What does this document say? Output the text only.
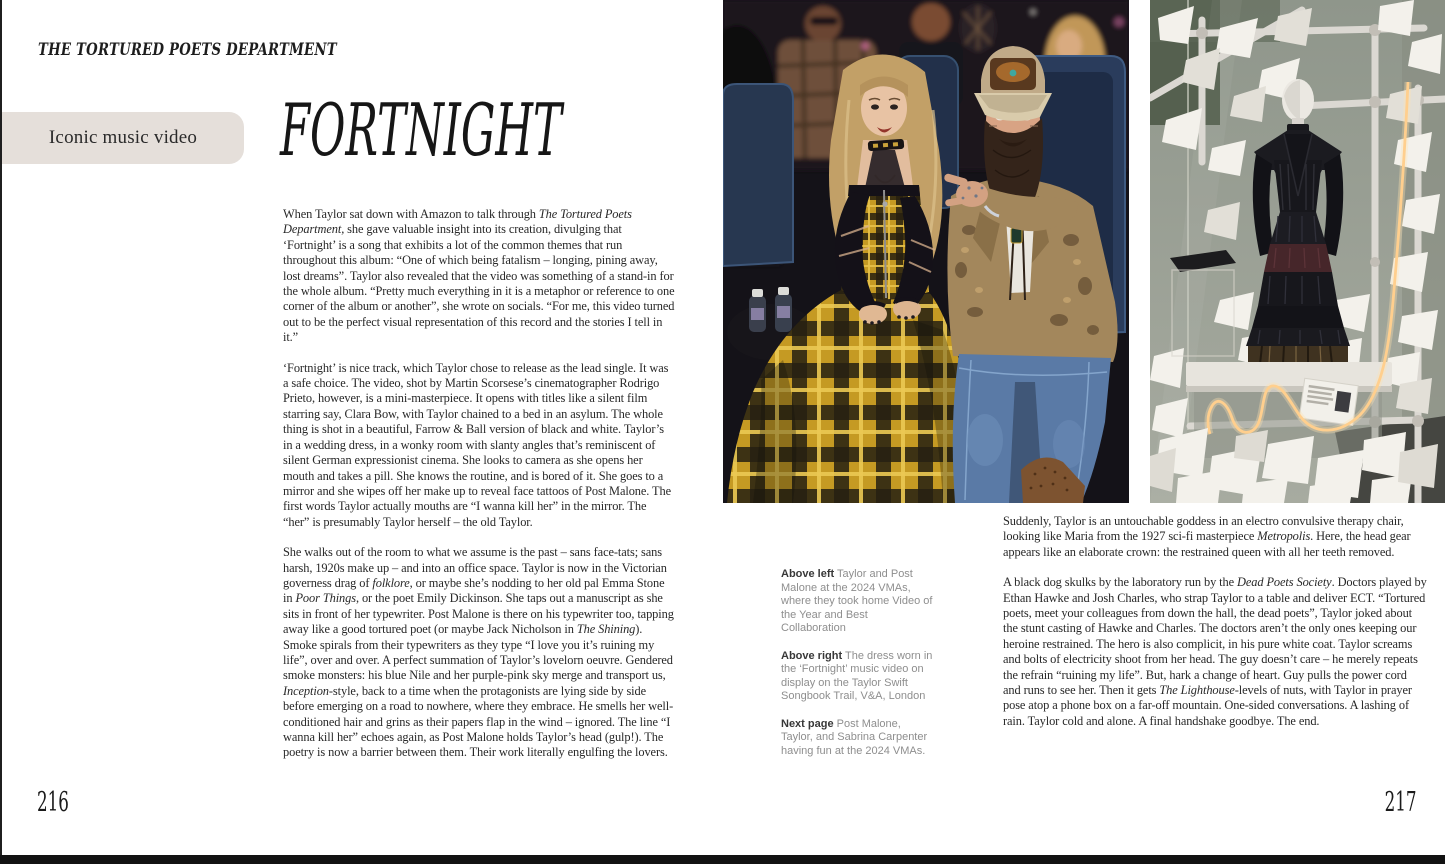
THE TORTURED POETS DEPARTMENT
Iconic music video FORTNIGHT

When Taylor sat down with Amazon to talk through The Tortured Poets Department, she gave valuable insight into its creation, divulging that ‘Fortnight’ is a song that exhibits a lot of the common themes that run throughout this album: “One of which being fatalism – longing, pining away, lost dreams”. Taylor also revealed that the video was something of a stand-in for the whole album. “Pretty much everything in it is a metaphor or reference to one corner of the album or another”, she wrote on socials. “For me, this video turned out to be the perfect visual representation of this record and the stories I tell in it.”

‘Fortnight’ is nice track, which Taylor chose to release as the lead single. It was a safe choice. The video, shot by Martin Scorsese’s cinematographer Rodrigo Prieto, however, is a mini-masterpiece. It opens with titles like a silent film starring say, Clara Bow, with Taylor chained to a bed in an asylum. The whole thing is shot in a beautiful, Farrow & Ball version of black and white. Taylor’s in a wedding dress, in a wonky room with slanty angles that’s reminiscent of silent German expressionist cinema. She looks to camera as she opens her mouth and takes a pill. She knows the routine, and is bored of it. She goes to a mirror and she wipes off her make up to reveal face tattoos of Post Malone. The first words Taylor actually mouths are “I wanna kill her” in the mirror. The “her” is presumably Taylor herself – the old Taylor.

She walks out of the room to what we assume is the past – sans face-tats; sans harsh, 1920s make up – and into an office space. Taylor is now in the Victorian governess drag of folklore, or maybe she’s nodding to her old pal Emma Stone in Poor Things, or the poet Emily Dickinson. She taps out a manuscript as she sits in front of her typewriter. Post Malone is there on his typewriter too, tapping away like a good tortured poet (or maybe Jack Nicholson in The Shining). Smoke spirals from their typewriters as they type “I love you it’s ruining my life”, over and over. A perfect summation of Taylor’s lovelorn oeuvre. Gendered smoke monsters: his blue Nile and her purple-pink sky merge and transport us, Inception-style, back to a time when the protagonists are lying side by side before emerging on a road to nowhere, where they embrace. He smells her well-conditioned hair and grins as their papers flap in the wind – ignored. The line “I wanna kill her” echoes again, as Post Malone holds Taylor’s head (gulp!). The poetry is now a barrier between them. Their work literally engulfing the lovers.

Above left Taylor and Post Malone at the 2024 VMAs, where they took home Video of the Year and Best Collaboration

Above right The dress worn in the ‘Fortnight’ music video on display on the Taylor Swift Songbook Trail, V&A, London

Next page Post Malone, Taylor, and Sabrina Carpenter having fun at the 2024 VMAs.

Suddenly, Taylor is an untouchable goddess in an electro convulsive therapy chair, looking like Maria from the 1927 sci-fi masterpiece Metropolis. Here, the head gear appears like an elaborate crown: the restrained queen with all her teeth removed.

A black dog skulks by the laboratory run by the Dead Poets Society. Doctors played by Ethan Hawke and Josh Charles, who strap Taylor to a table and deliver ECT. “Tortured poets, meet your colleagues from down the hall, the dead poets”, Taylor joked about the stunt casting of Hawke and Charles. The doctors aren’t the only ones keeping our heroine restrained. The hero is also complicit, in his pure white coat. Taylor screams and bolts of electricity shoot from her head. The guy doesn’t care – he merely repeats the refrain “ruining my life”. But, hark a change of heart. Guy pulls the power cord and runs to see her. Then it gets The Lighthouse-levels of nuts, with Taylor in prayer pose atop a phone box on a far-off mountain. One-sided conversations. A lashing of rain. Taylor cold and alone. A final handshake goodbye. The end.

216	217
